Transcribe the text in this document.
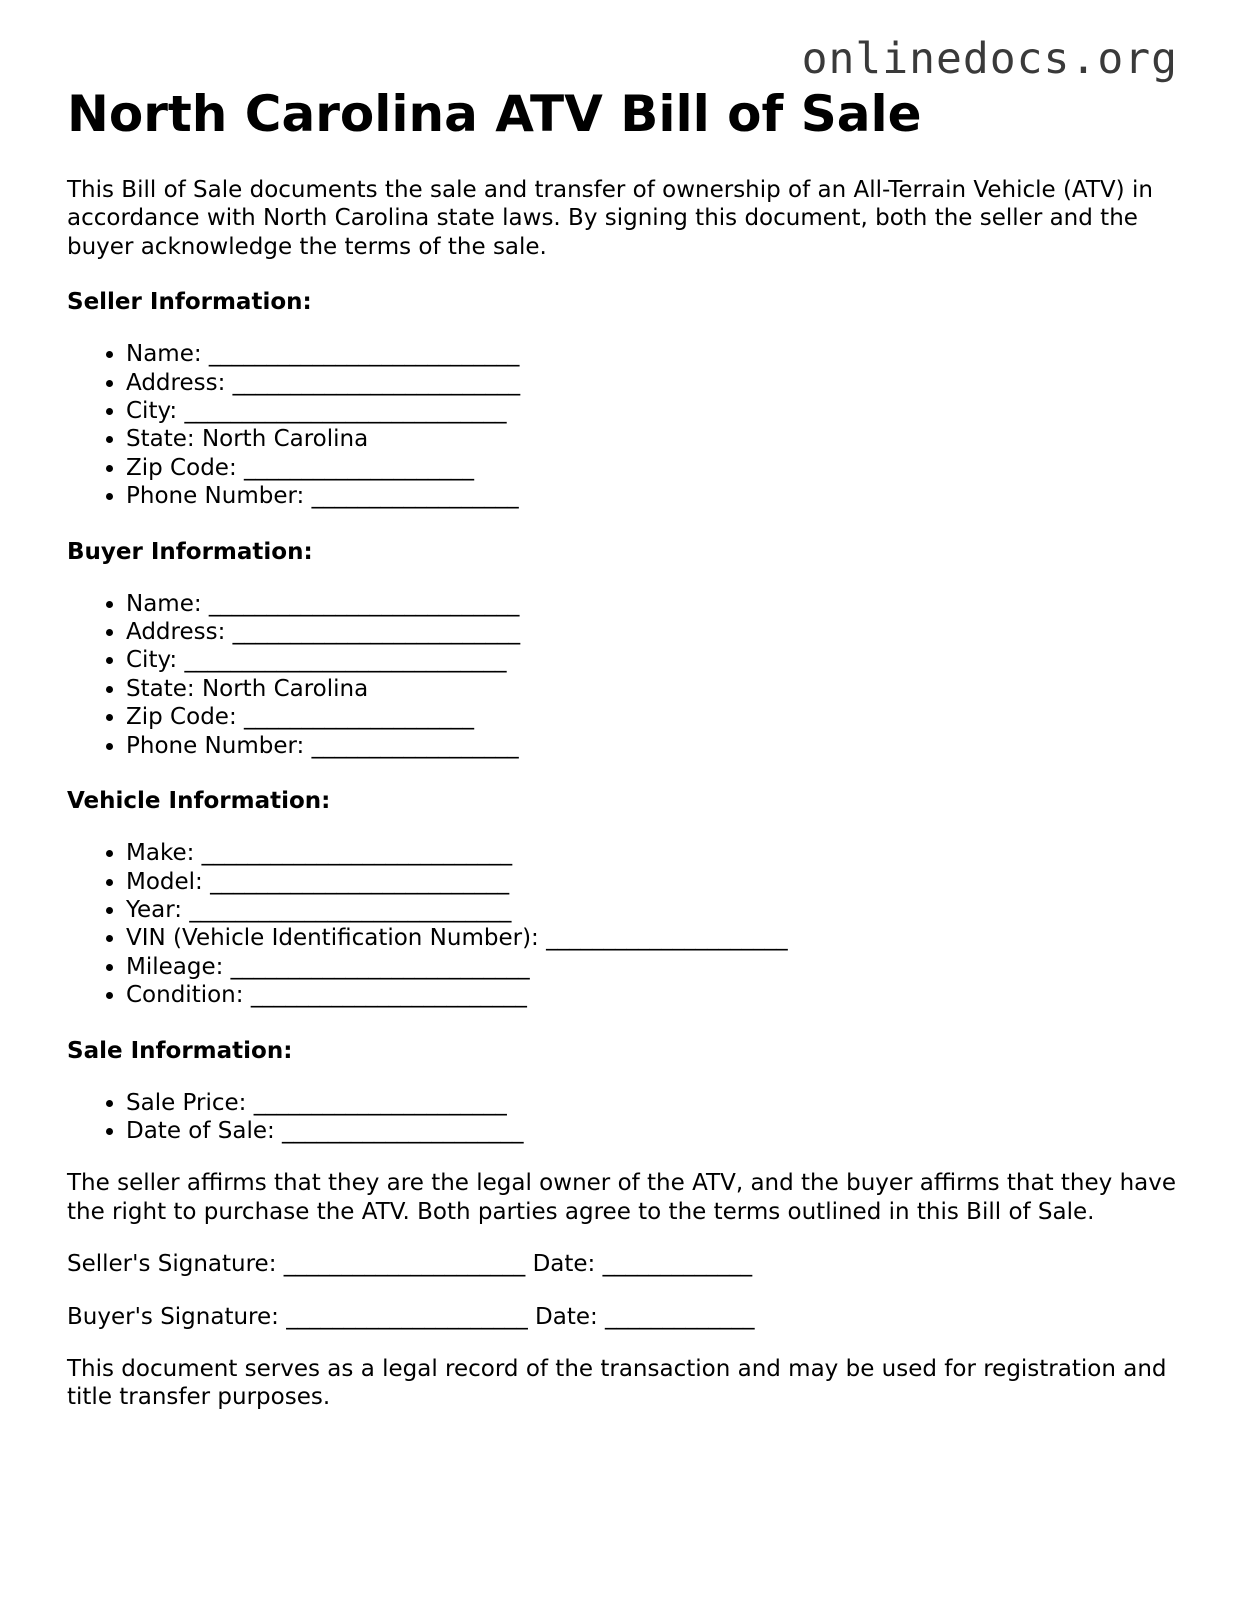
onlinedocs.org
North Carolina ATV Bill of Sale

This Bill of Sale documents the sale and transfer of ownership of an All-Terrain Vehicle (ATV) in accordance with North Carolina state laws. By signing this document, both the seller and the buyer acknowledge the terms of the sale.

Seller Information:
• Name: ___________________________
• Address: _________________________
• City: ____________________________
• State: North Carolina
• Zip Code: ____________________
• Phone Number: __________________
Buyer Information:
• Name: ___________________________
• Address: _________________________
• City: ____________________________
• State: North Carolina
• Zip Code: ____________________
• Phone Number: __________________
Vehicle Information:
• Make: ___________________________
• Model: __________________________
• Year: ____________________________
• VIN (Vehicle Identification Number): _____________________
• Mileage: __________________________
• Condition: ________________________
Sale Information:
• Sale Price: ______________________
• Date of Sale: _____________________

The seller affirms that they are the legal owner of the ATV, and the buyer affirms that they have the right to purchase the ATV. Both parties agree to the terms outlined in this Bill of Sale.

Seller's Signature: _____________________ Date: _____________

Buyer's Signature: _____________________ Date: _____________

This document serves as a legal record of the transaction and may be used for registration and title transfer purposes.
